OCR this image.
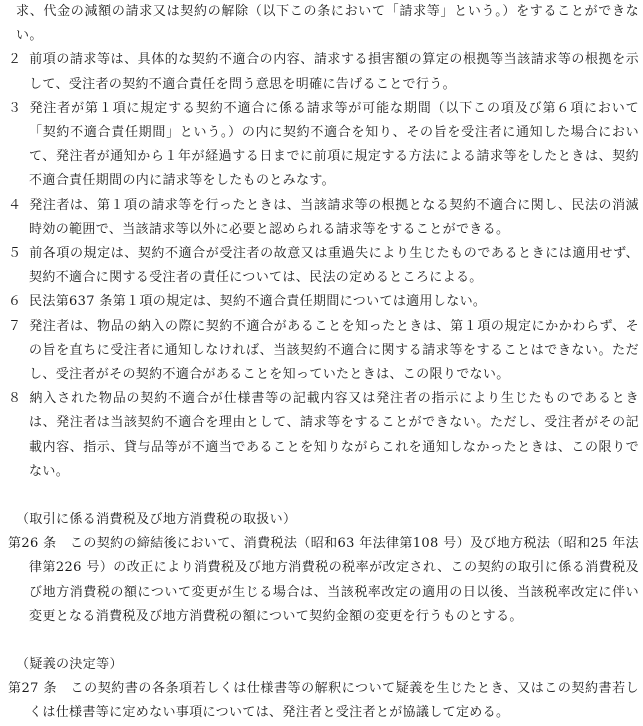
求、代金の減額の請求又は契約の解除（以下この条において「請求等」という。）をすることができない。

２ 前項の請求等は、具体的な契約不適合の内容、請求する損害額の算定の根拠等当該請求等の根拠を示して、受注者の契約不適合責任を問う意思を明確に告げることで行う。

３ 発注者が第１項に規定する契約不適合に係る請求等が可能な期間（以下この項及び第６項において「契約不適合責任期間」という。）の内に契約不適合を知り、その旨を受注者に通知した場合において、発注者が通知から１年が経過する日までに前項に規定する方法による請求等をしたときは、契約不適合責任期間の内に請求等をしたものとみなす。

４ 発注者は、第１項の請求等を行ったときは、当該請求等の根拠となる契約不適合に関し、民法の消滅時効の範囲で、当該請求等以外に必要と認められる請求等をすることができる。

５ 前各項の規定は、契約不適合が受注者の故意又は重過失により生じたものであるときには適用せず、契約不適合に関する受注者の責任については、民法の定めるところによる。

６ 民法第637 条第１項の規定は、契約不適合責任期間については適用しない。

７ 発注者は、物品の納入の際に契約不適合があることを知ったときは、第１項の規定にかかわらず、その旨を直ちに受注者に通知しなければ、当該契約不適合に関する請求等をすることはできない。ただし、受注者がその契約不適合があることを知っていたときは、この限りでない。

８ 納入された物品の契約不適合が仕様書等の記載内容又は発注者の指示により生じたものであるときは、発注者は当該契約不適合を理由として、請求等をすることができない。ただし、受注者がその記載内容、指示、貸与品等が不適当であることを知りながらこれを通知しなかったときは、この限りでない。

（取引に係る消費税及び地方消費税の取扱い）

第26 条　 この契約の締結後において、消費税法（昭和63 年法律第108 号）及び地方税法（昭和25 年法律第226 号）の改正により消費税及び地方消費税の税率が改定され、この契約の取引に係る消費税及び地方消費税の額について変更が生じる場合は、当該税率改定の適用の日以後、当該税率改定に伴い変更となる消費税及び地方消費税の額について契約金額の変更を行うものとする。

（疑義の決定等）

第27 条　 この契約書の各条項若しくは仕様書等の解釈について疑義を生じたとき、又はこの契約書若しくは仕様書等に定めない事項については、発注者と受注者とが協議して定める。
